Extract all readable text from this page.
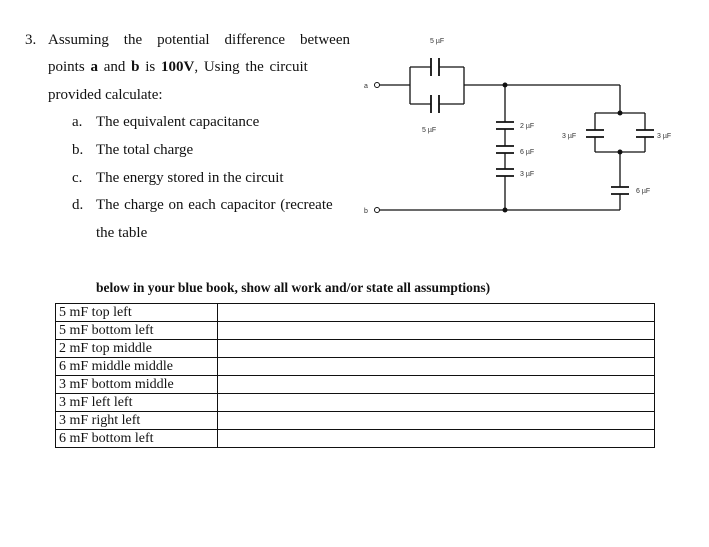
3. Assuming the potential difference between
points a and b is 100V, Using the circuit
provided calculate:
a. The equivalent capacitance
b. The total charge
c. The energy stored in the circuit
d. The charge on each capacitor (recreate
the table
a
5 µF
5 µF
2 µF
6 µF
3 µF
3 µF	3 µF
6 µF
b
below in your blue book, show all work and/or state all assumptions)
5 mF top left	
5 mF bottom left	
2 mF top middle	
6 mF middle middle	
3 mF bottom middle	
3 mF left left	
3 mF right left	
6 mF bottom left	
